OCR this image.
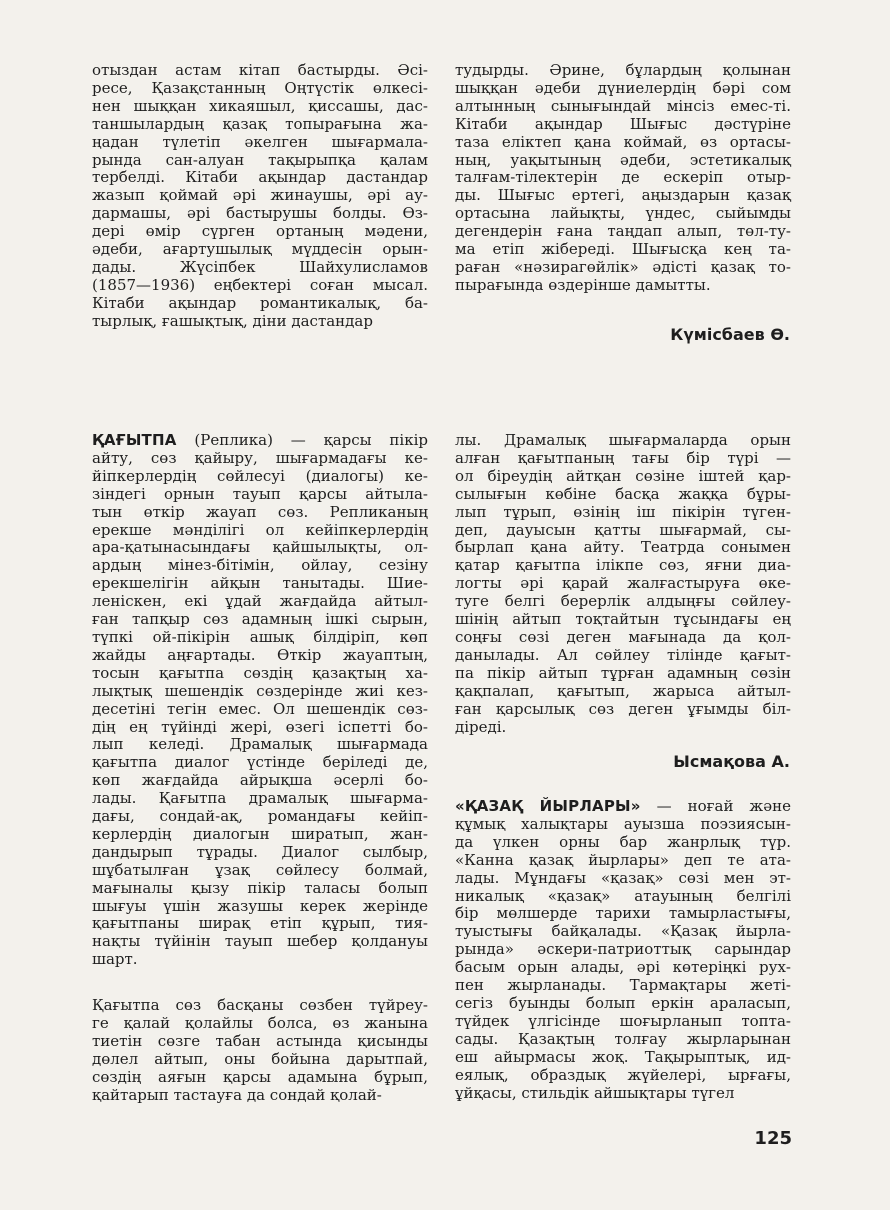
отыздан астам кітап бастырды. Әсі-
ресе, Қазақстанның Оңтүстік өлкесі-
нен шыққан хикаяшыл, қиссашы, дас-
таншылардың қазақ топырағына жа-
ңадан түлетіп әкелген шығармала-
рында сан-алуан тақырыпқа қалам
тербелді. Кітаби ақындар дастандар
жазып қоймай әрі жинаушы, әрі ау-
дармашы, әрі бастырушы болды. Өз-
дері өмір сүрген ортаның мәдени,
әдеби, ағартушылық мүддесін орын-
дады. Жүсіпбек Шайхулисламов
(1857—1936) еңбектері соған мысал.
Кітаби ақындар романтикалық, ба-
тырлық, ғашықтық, діни дастандар
тудырды. Әрине, бұлардың қолынан
шыққан әдеби дүниелердің бәрі сом
алтынның сынығындай мінсіз емес-ті.
Кітаби ақындар Шығыс дәстүріне
таза еліктеп қана коймай, өз ортасы-
ның, уақытының әдеби, эстетикалық
талғам-тілектерін де ескеріп отыр-
ды. Шығыс ертегі, аңыздарын қазақ
ортасына лайықты, үндес, сыйымды
дегендерін ғана таңдап алып, төл-ту-
ма етіп жібереді. Шығысқа кең та-
раған «нәзирагөйлік» әдісті қазақ то-
пырағында өздерінше дамытты.
Күмісбаев Ө.
ҚАҒЫТПА (Реплика) — қарсы пікір
айту, сөз қайыру, шығармадағы ке-
йіпкерлердің сөйлесуі (диалогы) ке-
зіндегі орнын тауып қарсы айтыла-
тын өткір жауап сөз. Репликаның
ерекше мәнділігі ол кейіпкерлердің
ара-қатынасындағы қайшылықты, ол-
ардың мінез-бітімін, ойлау, сезіну
ерекшелігін айқын танытады. Шие-
леніскен, екі ұдай жағдайда айтыл-
ған тапқыр сөз адамның ішкі сырын,
түпкі ой-пікірін ашық білдіріп, көп
жайды аңғартады. Өткір жауаптың,
тосын қағытпа сөздің қазақтың ха-
лықтық шешендік сөздерінде жиі кез-
десетіні тегін емес. Ол шешендік сөз-
дің ең түйінді жері, өзегі іспетті бо-
лып келеді. Драмалық шығармада
қағытпа диалог үстінде беріледі де,
көп жағдайда айрықша әсерлі бо-
лады. Қағытпа драмалық шығарма-
дағы, сондай-ақ, романдағы кейіп-
керлердің диалогын ширатып, жан-
дандырып тұрады. Диалог сылбыр,
шұбатылған ұзақ сөйлесу болмай,
мағыналы қызу пікір таласы болып
шығуы үшін жазушы керек жерінде
қағытпаны ширақ етіп құрып, тия-
нақты түйінін тауып шебер қолдануы
шарт.
лы. Драмалық шығармаларда орын
алған қағытпаның тағы бір түрі —
ол біреудің айтқан сөзіне іштей қар-
сылығын көбіне басқа жаққа бұры-
лып тұрып, өзінің іш пікірін түген-
деп, дауысын қатты шығармай, сы-
бырлап қана айту. Театрда сонымен
қатар қағытпа ілікпе сөз, яғни диа-
логты әрі қарай жалғастыруға өке-
туге белгі берерлік алдыңғы сөйлеу-
шінің айтып тоқтайтын тұсындағы ең
соңғы сөзі деген мағынада да қол-
данылады. Ал сөйлеу тілінде қағыт-
па пікір айтып тұрған адамның сөзін
қақпалап, қағытып, жарыса айтыл-
ған қарсылық сөз деген ұғымды біл-
діреді.
Ысмақова А.
«ҚАЗАҚ ЙЫРЛАРЫ» — ноғай және
құмық халықтары ауызша поэзиясын-
да үлкен орны бар жанрлық түр.
«Канна қазақ йырлары» деп те ата-
лады. Мұндағы «қазақ» сөзі мен эт-
никалық «қазақ» атауының белгілі
бір мөлшерде тарихи тамырластығы,
туыстығы байқалады. «Қазақ йырла-
рында» әскери-патриоттық сарындар
басым орын алады, әрі көтеріңкі рух-
пен жырланады. Тармақтары жеті-
сегіз буынды болып еркін араласып,
түйдек үлгісінде шоғырланып топта-
сады. Қазақтың толғау жырларынан
еш айырмасы жоқ. Тақырыптық, ид-
еялық, образдық жүйелері, ырғағы,
ұйқасы, стильдік айшықтары түгел
Қағытпа сөз басқаны сөзбен түйреу-
ге қалай қолайлы болса, өз жанына
тиетін сөзге табан астында қисынды
дөлел айтып, оны бойына дарытпай,
сөздің аяғын қарсы адамына бұрып,
қайтарып тастауға да сондай қолай-
125
